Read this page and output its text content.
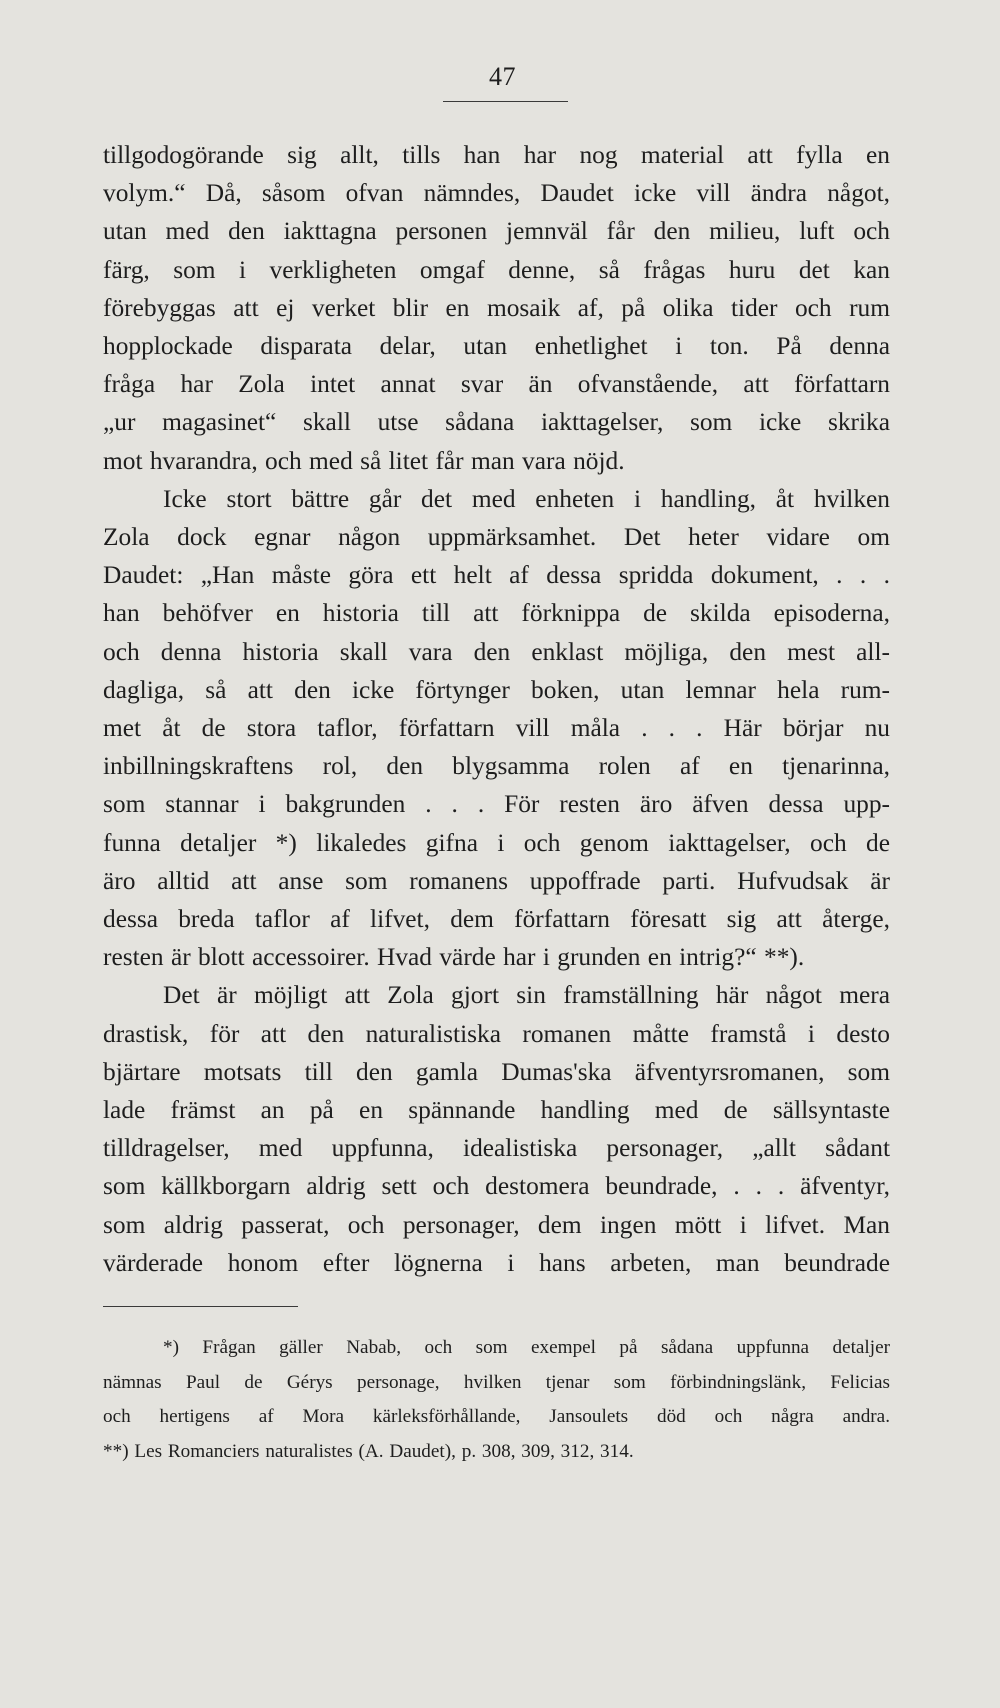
47
tillgodogörande sig allt, tills han har nog material att fylla en
volym.“ Då, såsom ofvan nämndes, Daudet icke vill ändra något,
utan med den iakttagna personen jemnväl får den milieu, luft och
färg, som i verkligheten omgaf denne, så frågas huru det kan
förebyggas att ej verket blir en mosaik af, på olika tider och rum
hopplockade disparata delar, utan enhetlighet i ton. På denna
fråga har Zola intet annat svar än ofvanstående, att författarn
„ur magasinet“ skall utse sådana iakttagelser, som icke skrika
mot hvarandra, och med så litet får man vara nöjd.
Icke stort bättre går det med enheten i handling, åt hvilken
Zola dock egnar någon uppmärksamhet. Det heter vidare om
Daudet: „Han måste göra ett helt af dessa spridda dokument, . . .
han behöfver en historia till att förknippa de skilda episoderna,
och denna historia skall vara den enklast möjliga, den mest all-
dagliga, så att den icke förtynger boken, utan lemnar hela rum-
met åt de stora taflor, författarn vill måla . . . Här börjar nu
inbillningskraftens rol, den blygsamma rolen af en tjenarinna,
som stannar i bakgrunden . . . För resten äro äfven dessa upp-
funna detaljer *) likaledes gifna i och genom iakttagelser, och de
äro alltid att anse som romanens uppoffrade parti. Hufvudsak är
dessa breda taflor af lifvet, dem författarn föresatt sig att återge,
resten är blott accessoirer. Hvad värde har i grunden en intrig?“ **).
Det är möjligt att Zola gjort sin framställning här något mera
drastisk, för att den naturalistiska romanen måtte framstå i desto
bjärtare motsats till den gamla Dumas'ska äfventyrsromanen, som
lade främst an på en spännande handling med de sällsyntaste
tilldragelser, med uppfunna, idealistiska personager, „allt sådant
som källkborgarn aldrig sett och destomera beundrade, . . . äfventyr,
som aldrig passerat, och personager, dem ingen mött i lifvet. Man
värderade honom efter lögnerna i hans arbeten, man beundrade
*) Frågan gäller Nabab, och som exempel på sådana uppfunna detaljer
nämnas Paul de Gérys personage, hvilken tjenar som förbindningslänk, Felicias
och hertigens af Mora kärleksförhållande, Jansoulets död och några andra.
**) Les Romanciers naturalistes (A. Daudet), p. 308, 309, 312, 314.
